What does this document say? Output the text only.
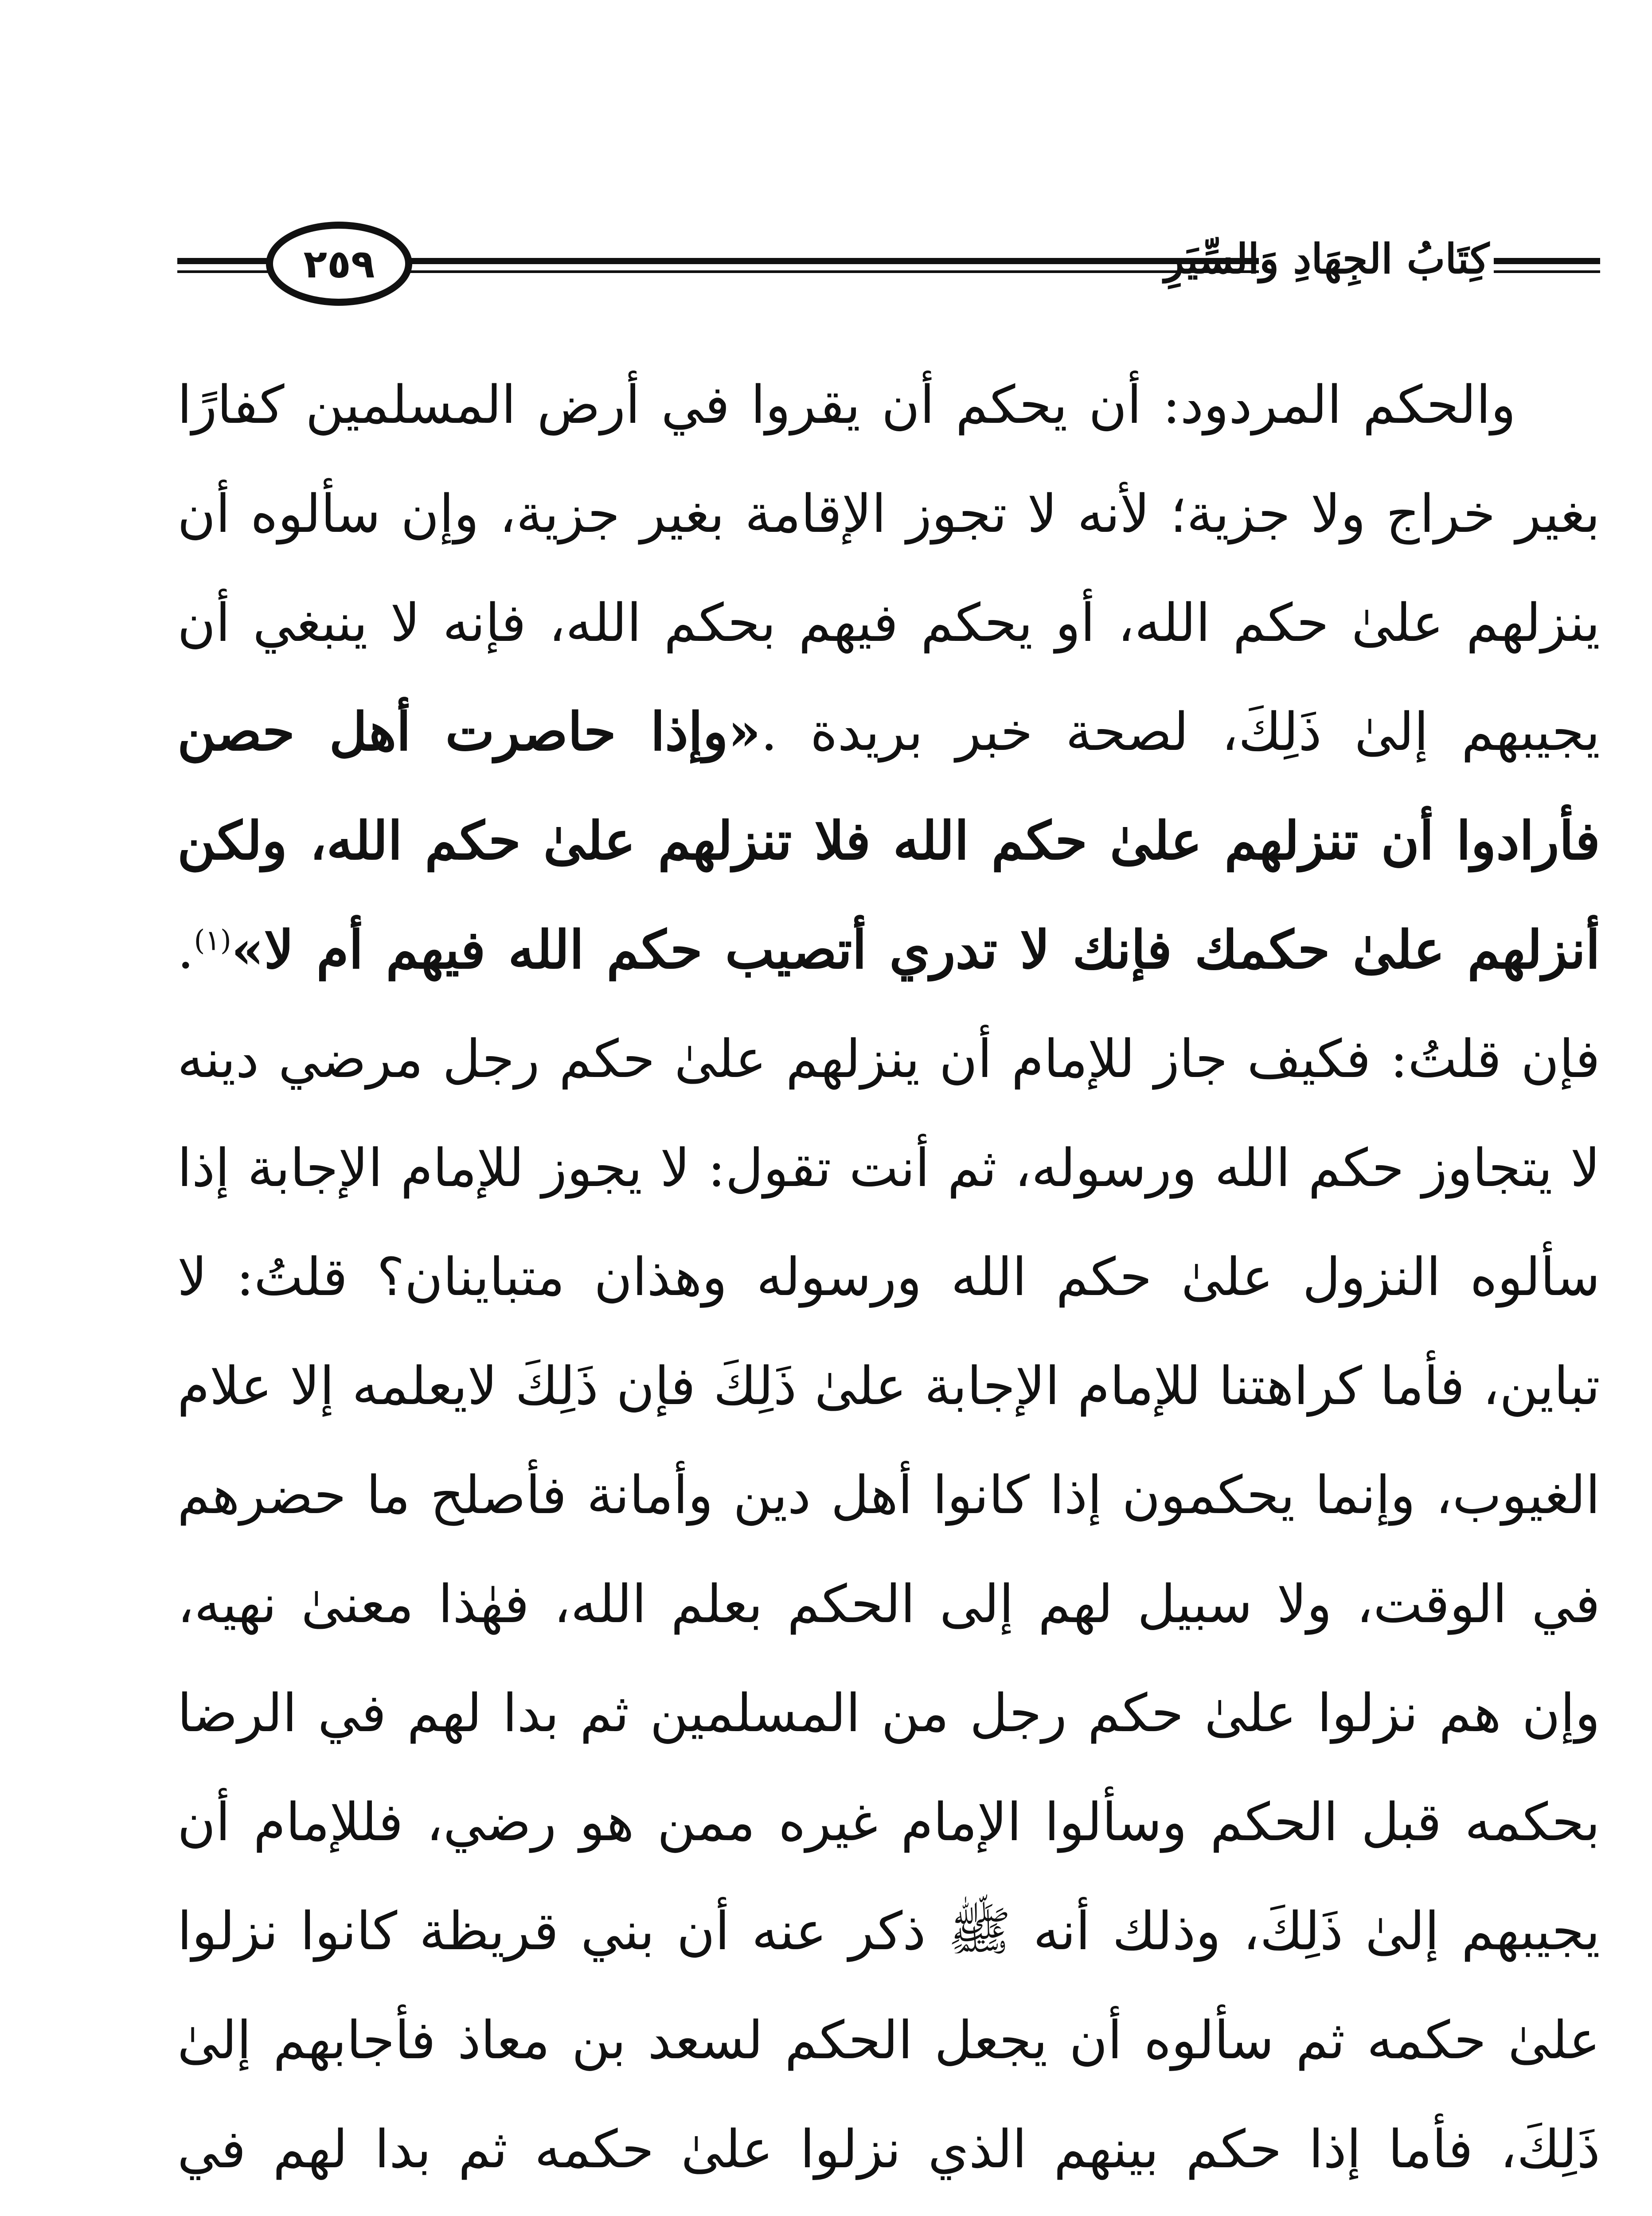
٢٥٩	كِتَابُ الجِهَادِ وَالسِّيَرِ

والحكم المردود: أن يحكم أن يقروا في أرض المسلمين كفارًا بغير خراج ولا جزية؛ لأنه لا تجوز الإقامة بغير جزية، وإن سألوه أن ينزلهم علىٰ حكم الله، أو يحكم فيهم بحكم الله، فإنه لا ينبغي أن يجيبهم إلىٰ ذَلِكَ، لصحة خبر بريدة .«وإذا حاصرت أهل حصن فأرادوا أن تنزلهم علىٰ حكم الله فلا تنزلهم علىٰ حكم الله، ولكن أنزلهم علىٰ حكمك فإنك لا تدري أتصيب حكم الله فيهم أم لا»$^{(١)}$. فإن قلتُ: فكيف جاز للإمام أن ينزلهم علىٰ حكم رجل مرضي دينه لا يتجاوز حكم الله ورسوله، ثم أنت تقول: لا يجوز للإمام الإجابة إذا سألوه النزول علىٰ حكم الله ورسوله وهذان متباينان؟ قلتُ: لا تباين، فأما كراهتنا للإمام الإجابة علىٰ ذَلِكَ فإن ذَلِكَ لايعلمه إلا علام الغيوب، وإنما يحكمون إذا كانوا أهل دين وأمانة فأصلح ما حضرهم في الوقت، ولا سبيل لهم إلى الحكم بعلم الله، فهٰذا معنىٰ نهيه، وإن هم نزلوا علىٰ حكم رجل من المسلمين ثم بدا لهم في الرضا بحكمه قبل الحكم وسألوا الإمام غيره ممن هو رضي، فللإمام أن يجيبهم إلىٰ ذَلِكَ، وذلك أنه ﷺ ذكر عنه أن بني قريظة كانوا نزلوا علىٰ حكمه ثم سألوه أن يجعل الحكم لسعد بن معاذ فأجابهم إلىٰ ذَلِكَ، فأما إذا حكم بينهم الذي نزلوا علىٰ حكمه ثم بدا لهم في
